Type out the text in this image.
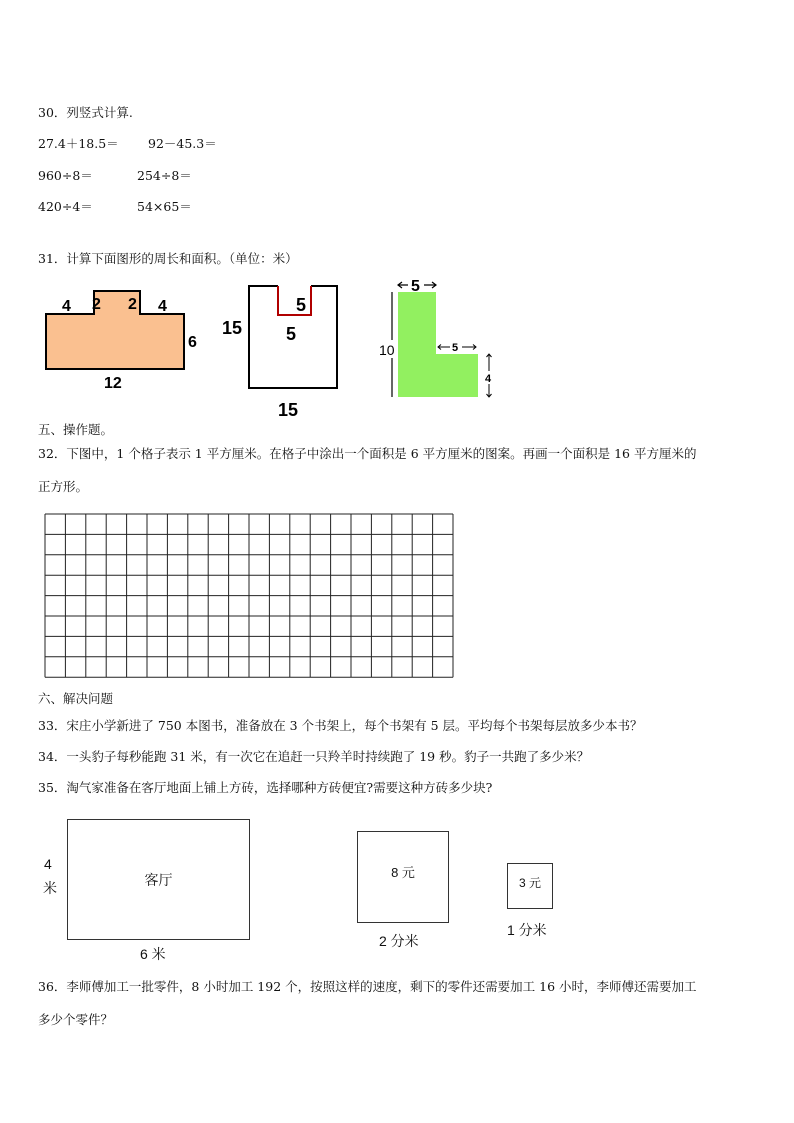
30．列竖式计算.
27.4＋18.5＝ 92－45.3＝
960÷8＝	254÷8＝
420÷4＝	54×65＝
31．计算下面图形的周长和面积。（单位：米）
4 2 2 4
6
12
15
5
5
15
5
10	5
4
五、操作题。
32．下图中，1 个格子表示 1 平方厘米。在格子中涂出一个面积是 6 平方厘米的图案。再画一个面积是 16 平方厘米的
正方形。
六、解决问题
33．宋庄小学新进了 750 本图书，准备放在 3 个书架上，每个书架有 5 层。平均每个书架每层放多少本书？
34．一头豹子每秒能跑 31 米，有一次它在追赶一只羚羊时持续跑了 19 秒。豹子一共跑了多少米？
35．淘气家准备在客厅地面上铺上方砖，选择哪种方砖便宜?需要这种方砖多少块?
客厅
4
米
6 米
8 元
2 分米
3 元
1 分米
36．李师傅加工一批零件，8 小时加工 192 个，按照这样的速度，剩下的零件还需要加工 16 小时，李师傅还需要加工
多少个零件？
